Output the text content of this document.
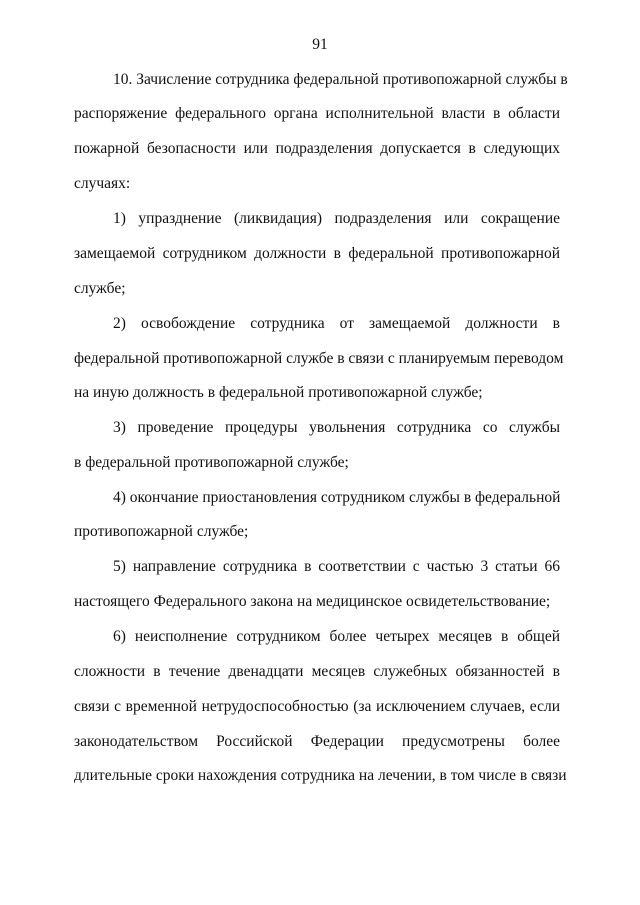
91
10. Зачисление сотрудника федеральной противопожарной службы в
распоряжение федерального органа исполнительной власти в области
пожарной безопасности или подразделения допускается в следующих
случаях:
1) упразднение (ликвидация) подразделения или сокращение
замещаемой сотрудником должности в федеральной противопожарной
службе;
2) освобождение сотрудника от замещаемой должности в
федеральной противопожарной службе в связи с планируемым переводом
на иную должность в федеральной противопожарной службе;
3) проведение процедуры увольнения сотрудника со службы
в федеральной противопожарной службе;
4) окончание приостановления сотрудником службы в федеральной
противопожарной службе;
5) направление сотрудника в соответствии с частью 3 статьи 66
настоящего Федерального закона на медицинское освидетельствование;
6) неисполнение сотрудником более четырех месяцев в общей
сложности в течение двенадцати месяцев служебных обязанностей в
связи с временной нетрудоспособностью (за исключением случаев, если
законодательством Российской Федерации предусмотрены более
длительные сроки нахождения сотрудника на лечении, в том числе в связи
